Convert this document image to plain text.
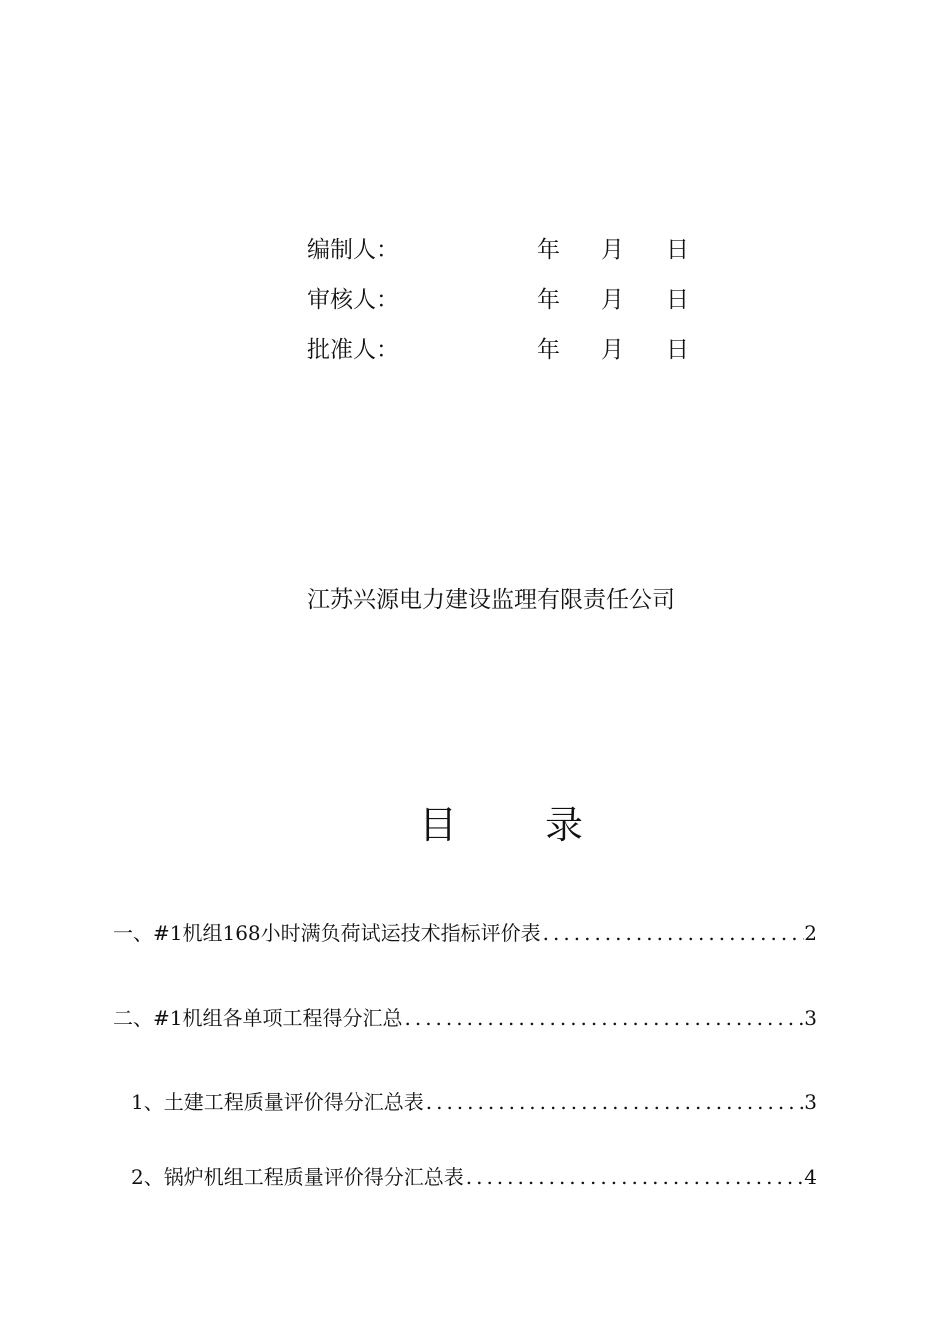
编制人：	年 月 日
审核人：	年 月 日
批准人：	年 月 日
江苏兴源电力建设监理有限责任公司
目 录
一、#1机组168小时满负荷试运技术指标评价表 .....	2
二、#1机组各单项工程得分汇总 .....	3
1、土建工程质量评价得分汇总表 .....	3
2、锅炉机组工程质量评价得分汇总表 .....	4
